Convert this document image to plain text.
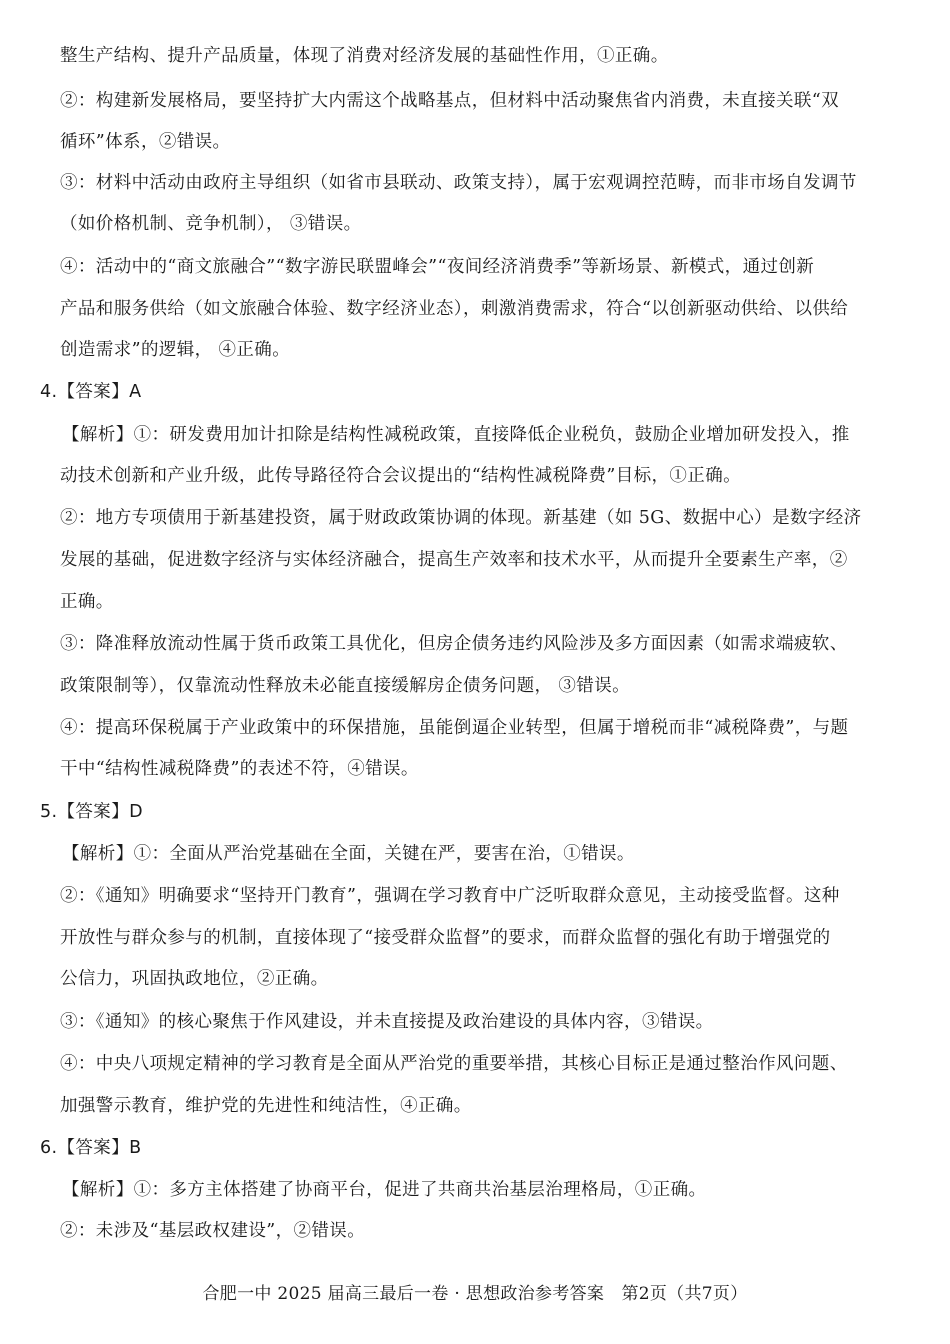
整生产结构、提升产品质量，体现了消费对经济发展的基础性作用，①正确。
②：构建新发展格局，要坚持扩大内需这个战略基点，但材料中活动聚焦省内消费，未直接关联“双
循环”体系，②错误。
③：材料中活动由政府主导组织（如省市县联动、政策支持），属于宏观调控范畴，而非市场自发调节
（如价格机制、竞争机制）， ③错误。
④：活动中的“商文旅融合”“数字游民联盟峰会”“夜间经济消费季”等新场景、新模式，通过创新
产品和服务供给（如文旅融合体验、数字经济业态），刺激消费需求，符合“以创新驱动供给、以供给
创造需求”的逻辑， ④正确。
4.【答案】A
【解析】①：研发费用加计扣除是结构性减税政策，直接降低企业税负，鼓励企业增加研发投入，推
动技术创新和产业升级，此传导路径符合会议提出的“结构性减税降费”目标，①正确。
②：地方专项债用于新基建投资，属于财政政策协调的体现。新基建（如 5G、数据中心）是数字经济
发展的基础，促进数字经济与实体经济融合，提高生产效率和技术水平，从而提升全要素生产率，②
正确。
③：降准释放流动性属于货币政策工具优化，但房企债务违约风险涉及多方面因素（如需求端疲软、
政策限制等），仅靠流动性释放未必能直接缓解房企债务问题， ③错误。
④：提高环保税属于产业政策中的环保措施，虽能倒逼企业转型，但属于增税而非“减税降费”，与题
干中“结构性减税降费”的表述不符，④错误。
5.【答案】D
【解析】①：全面从严治党基础在全面，关键在严，要害在治，①错误。
②：《通知》明确要求“坚持开门教育”，强调在学习教育中广泛听取群众意见，主动接受监督。这种
开放性与群众参与的机制，直接体现了“接受群众监督”的要求，而群众监督的强化有助于增强党的
公信力，巩固执政地位，②正确。
③：《通知》的核心聚焦于作风建设，并未直接提及政治建设的具体内容，③错误。
④：中央八项规定精神的学习教育是全面从严治党的重要举措，其核心目标正是通过整治作风问题、
加强警示教育，维护党的先进性和纯洁性，④正确。
6.【答案】B
【解析】①：多方主体搭建了协商平台，促进了共商共治基层治理格局，①正确。
②：未涉及“基层政权建设”，②错误。
合肥一中 2025 届高三最后一卷 · 思想政治参考答案　第2页（共7页）
